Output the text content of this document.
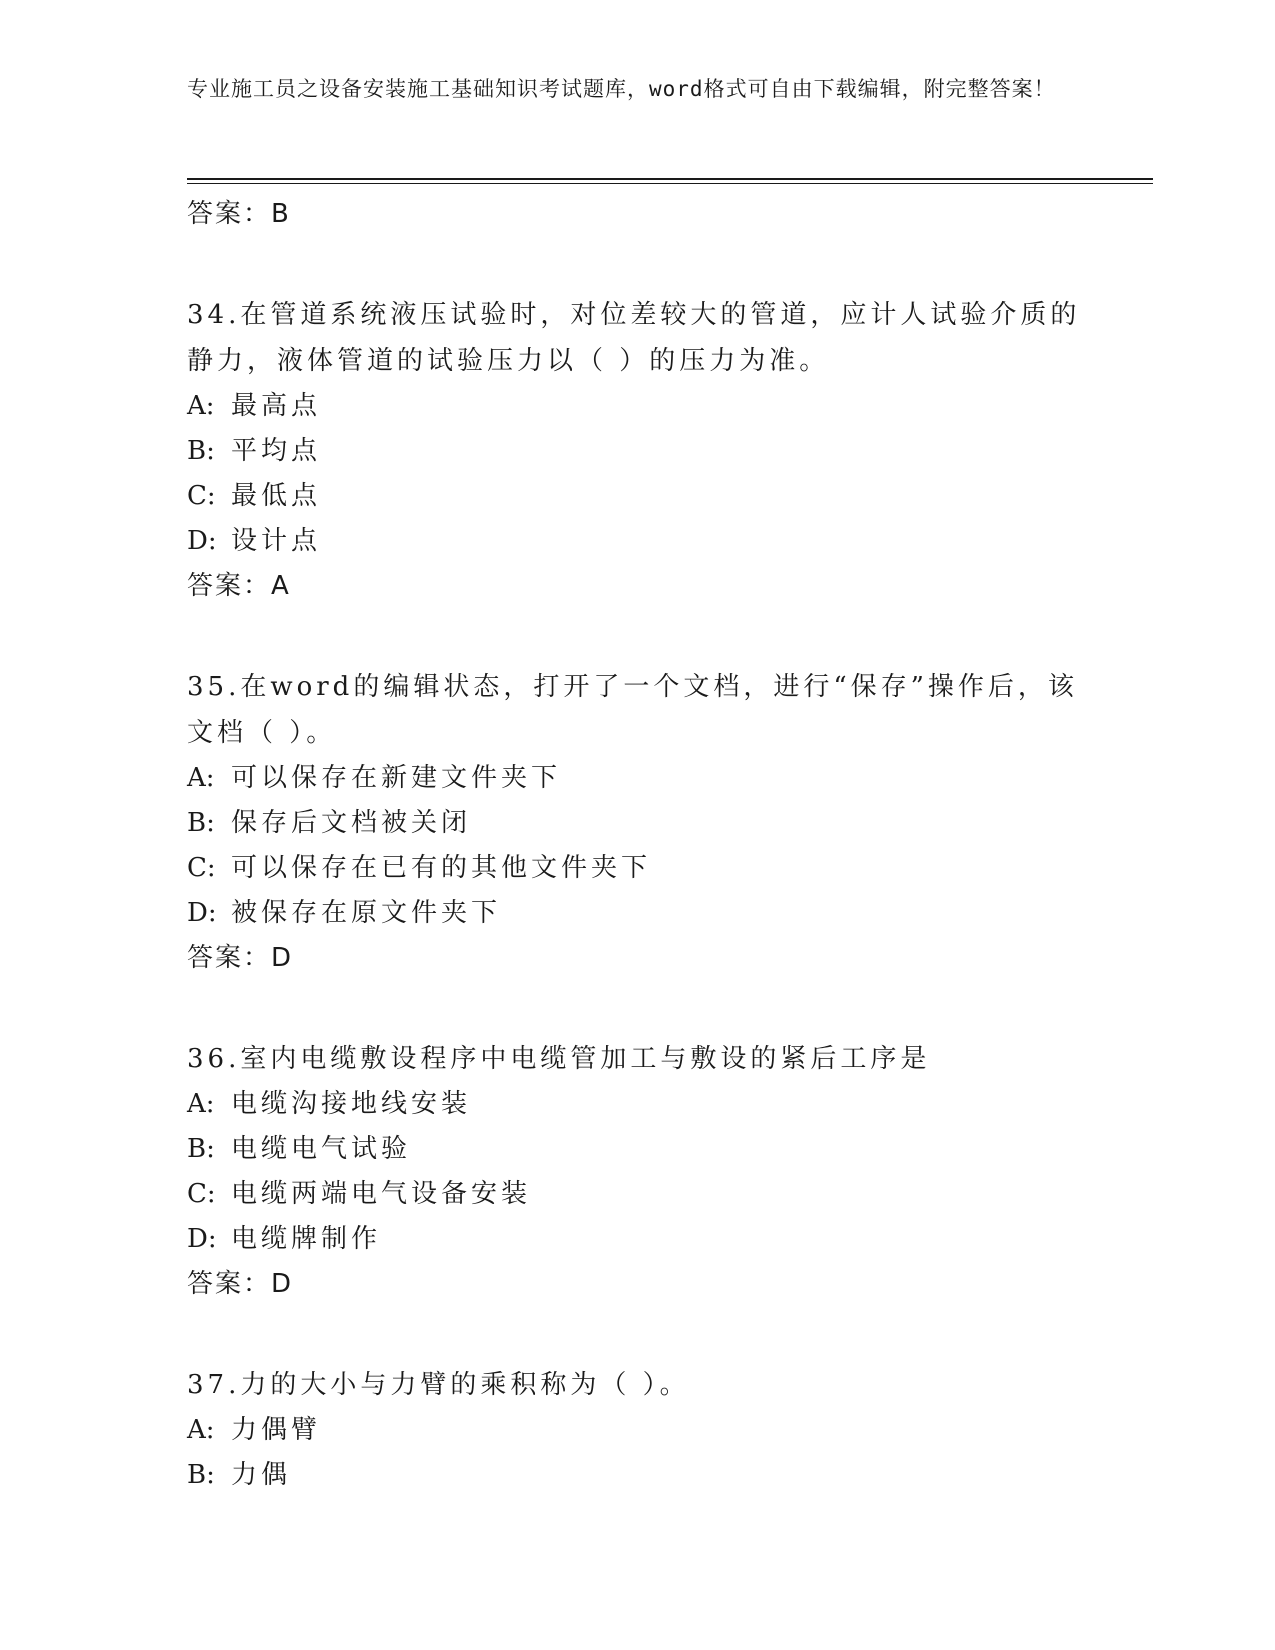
专业施工员之设备安装施工基础知识考试题库，word格式可自由下载编辑，附完整答案！

答案：B

34.在管道系统液压试验时，对位差较大的管道，应计人试验介质的静力，液体管道的试验压力以（ ）的压力为准。

A: 最高点

B: 平均点

C: 最低点

D: 设计点

答案：A

35.在word的编辑状态，打开了一个文档，进行“保存”操作后，该文档（ ）。

A: 可以保存在新建文件夹下

B: 保存后文档被关闭

C: 可以保存在已有的其他文件夹下

D: 被保存在原文件夹下

答案：D

36.室内电缆敷设程序中电缆管加工与敷设的紧后工序是

A: 电缆沟接地线安装

B: 电缆电气试验

C: 电缆两端电气设备安装

D: 电缆牌制作

答案：D

37.力的大小与力臂的乘积称为（ ）。

A: 力偶臂

B: 力偶
